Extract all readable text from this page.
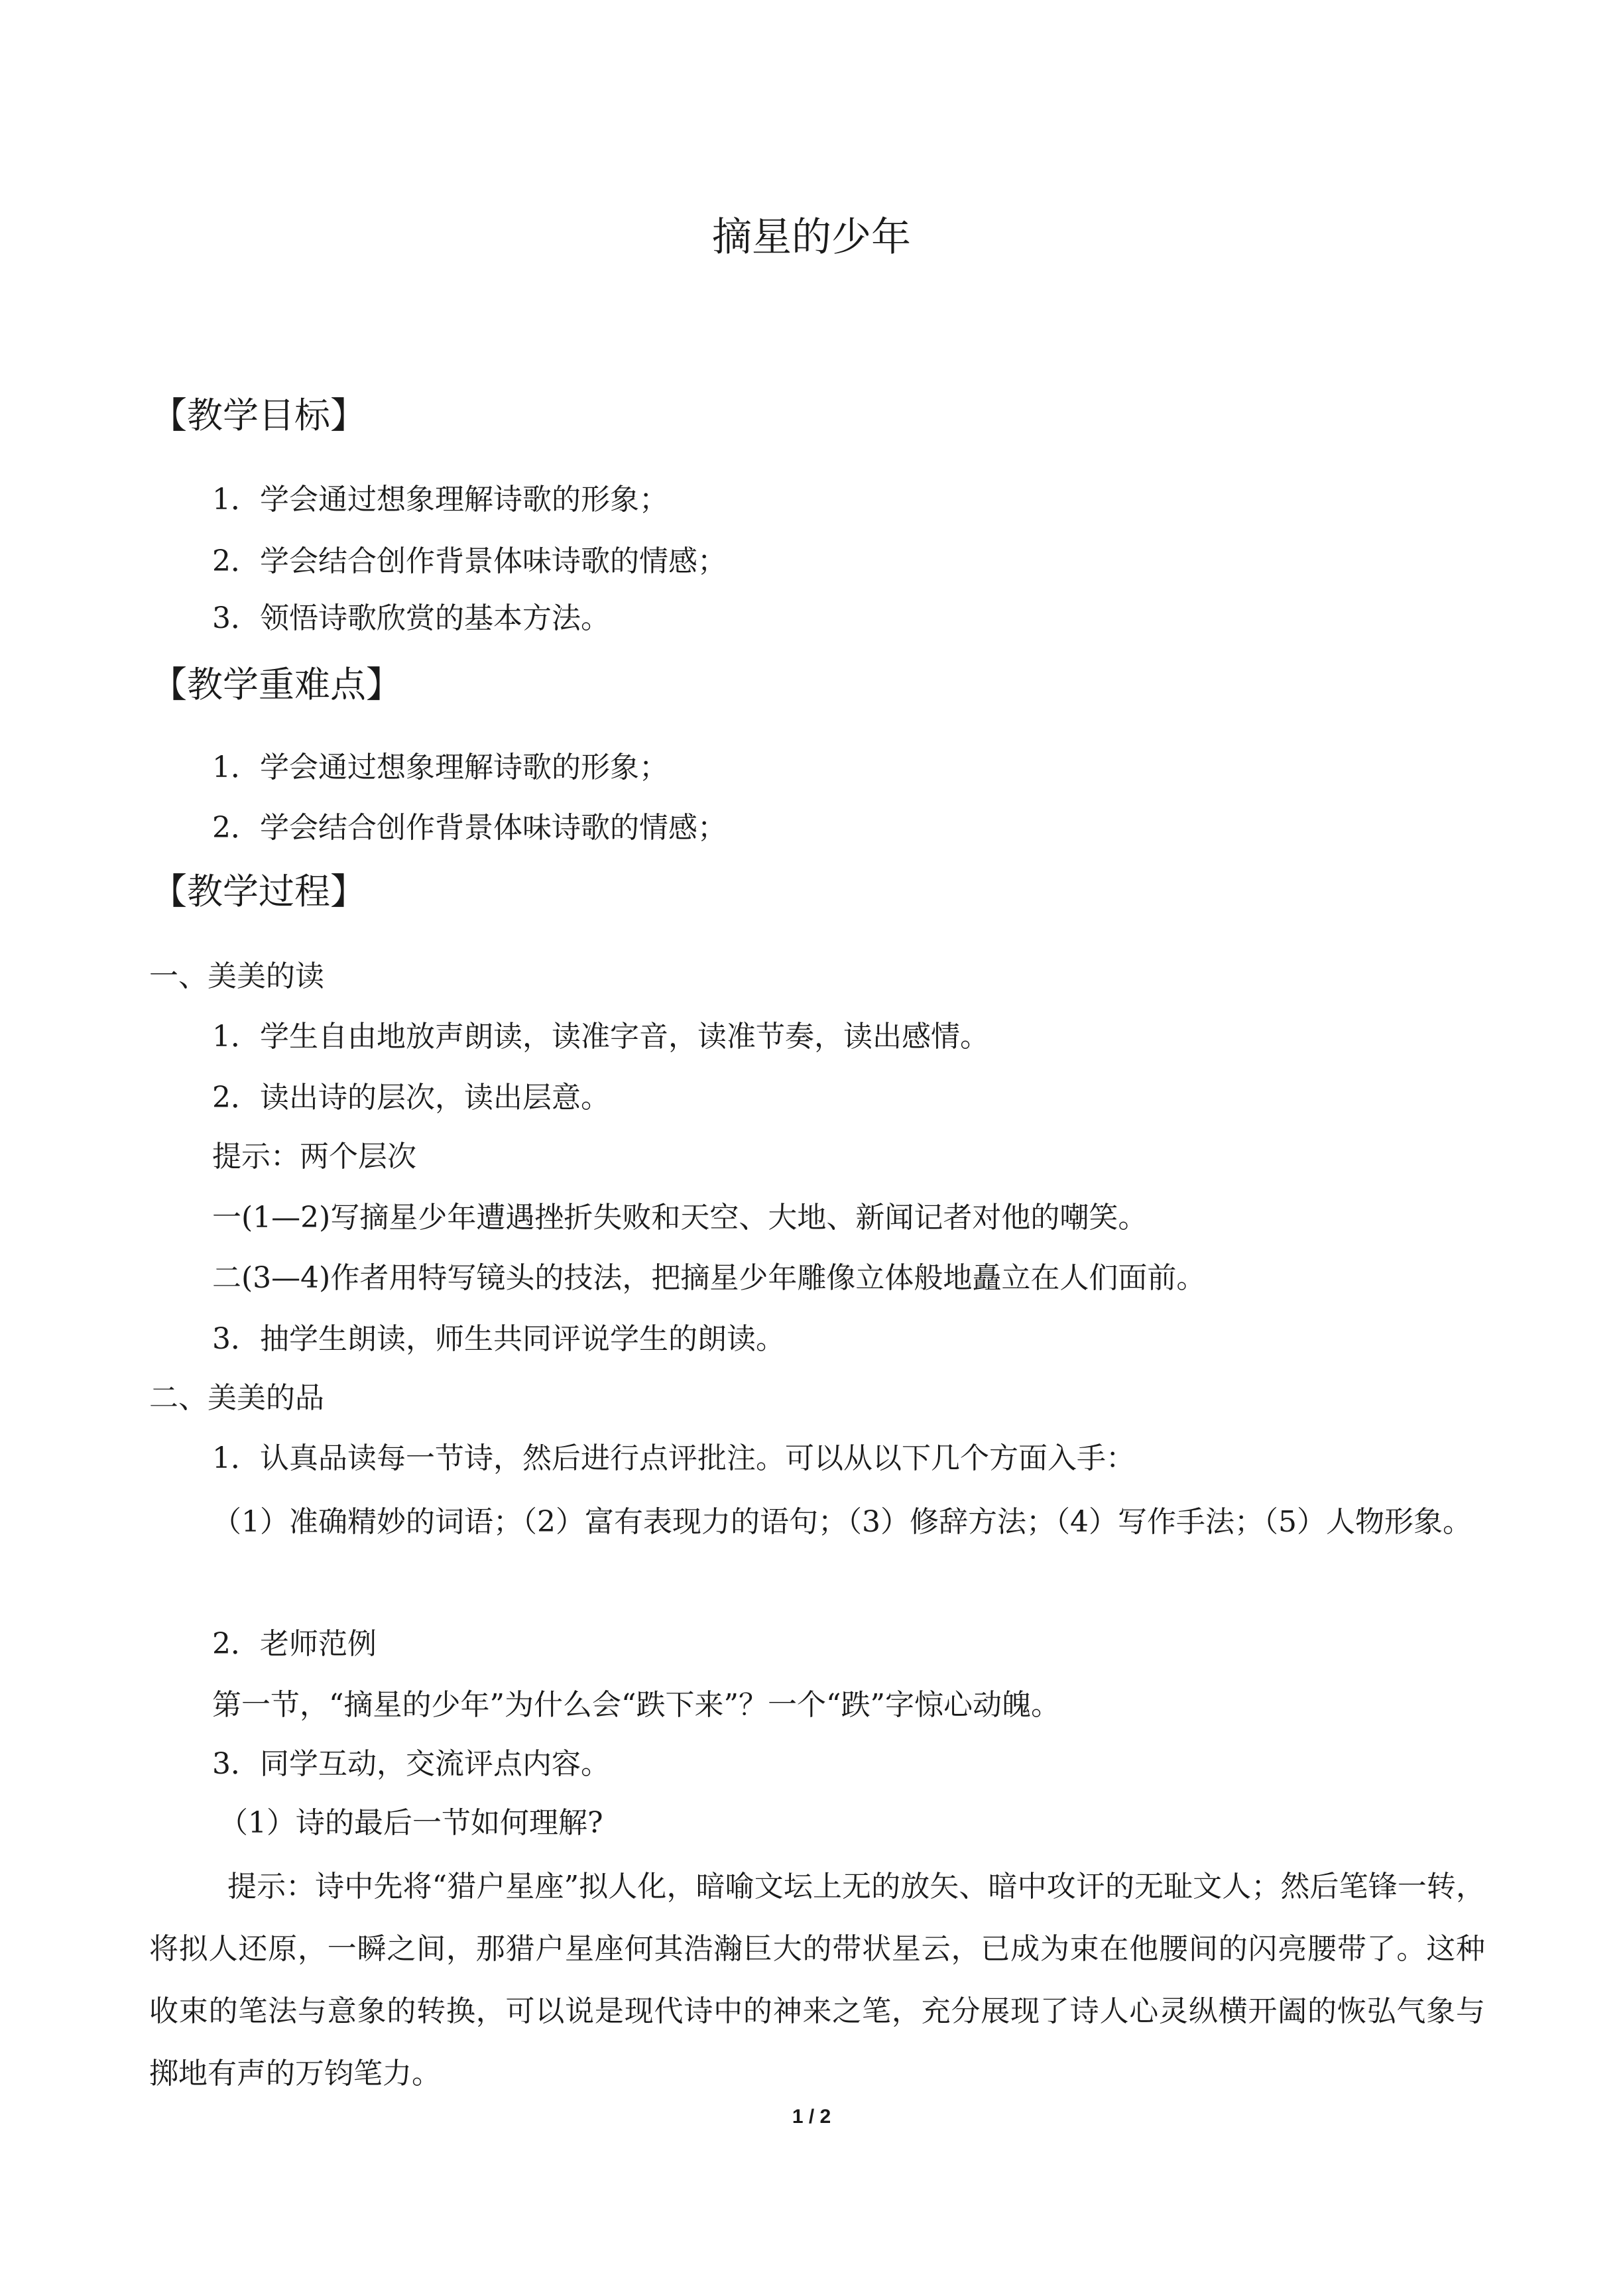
摘星的少年
【教学目标】
1．学会通过想象理解诗歌的形象；
2．学会结合创作背景体味诗歌的情感；
3．领悟诗歌欣赏的基本方法。
【教学重难点】
1．学会通过想象理解诗歌的形象；
2．学会结合创作背景体味诗歌的情感；
【教学过程】
一、美美的读
1．学生自由地放声朗读，读准字音，读准节奏，读出感情。
2．读出诗的层次，读出层意。
提示：两个层次
一(1—2)写摘星少年遭遇挫折失败和天空、大地、新闻记者对他的嘲笑。
二(3—4)作者用特写镜头的技法，把摘星少年雕像立体般地矗立在人们面前。
3．抽学生朗读，师生共同评说学生的朗读。
二、美美的品
1．认真品读每一节诗，然后进行点评批注。可以从以下几个方面入手：
（1）准确精妙的词语；（2）富有表现力的语句；（3）修辞方法；（4）写作手法；（5）人物形象。
2．老师范例
第一节，“摘星的少年”为什么会“跌下来”？一个“跌”字惊心动魄。
3．同学互动，交流评点内容。
（1）诗的最后一节如何理解?
提示：诗中先将“猎户星座”拟人化，暗喻文坛上无的放矢、暗中攻讦的无耻文人；然后笔锋一转，将拟人还原，一瞬之间，那猎户星座何其浩瀚巨大的带状星云，已成为束在他腰间的闪亮腰带了。这种收束的笔法与意象的转换，可以说是现代诗中的神来之笔，充分展现了诗人心灵纵横开阖的恢弘气象与掷地有声的万钧笔力。
1 / 2
